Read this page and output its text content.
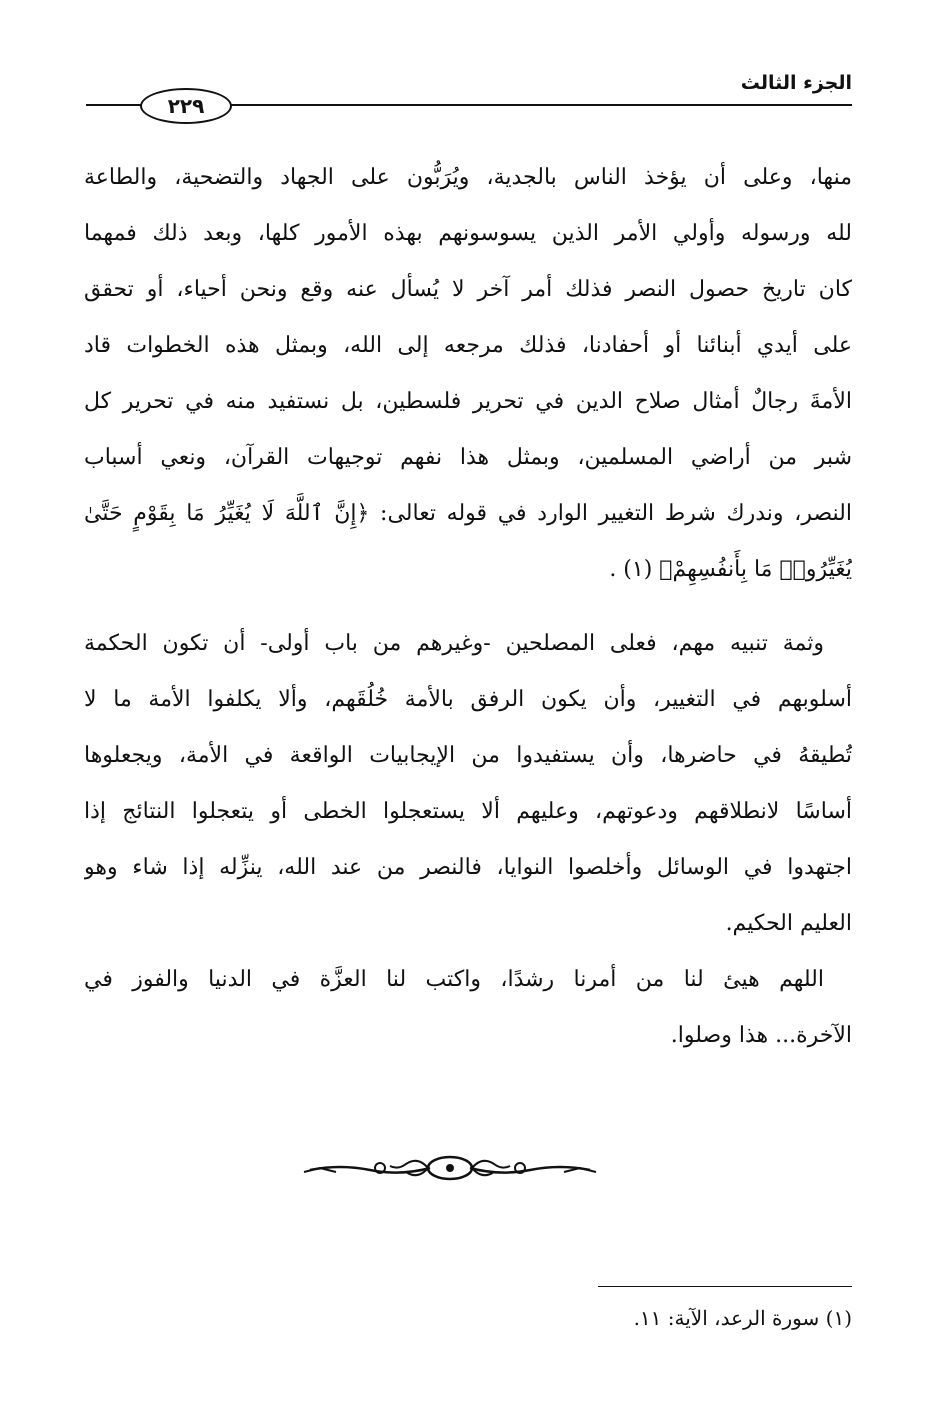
الجزء الثالث
٢٢٩
منها، وعلى أن يؤخذ الناس بالجدية، ويُرَبُّون على الجهاد والتضحية، والطاعة
لله ورسوله وأولي الأمر الذين يسوسونهم بهذه الأمور كلها، وبعد ذلك فمهما
كان تاريخ حصول النصر فذلك أمر آخر لا يُسأل عنه وقع ونحن أحياء، أو تحقق
على أيدي أبنائنا أو أحفادنا، فذلك مرجعه إلى الله، وبمثل هذه الخطوات قاد
الأمةَ رجالٌ أمثال صلاح الدين في تحرير فلسطين، بل نستفيد منه في تحرير كل
شبر من أراضي المسلمين، وبمثل هذا نفهم توجيهات القرآن، ونعي أسباب
النصر، وندرك شرط التغيير الوارد في قوله تعالى: ﴿إِنَّ ٱللَّهَ لَا يُغَيِّرُ مَا بِقَوْمٍ حَتَّىٰ
يُغَيِّرُوا۟ مَا بِأَنفُسِهِمْ﴾ (١) .
وثمة تنبيه مهم، فعلى المصلحين -وغيرهم من باب أولى- أن تكون الحكمة
أسلوبهم في التغيير، وأن يكون الرفق بالأمة خُلُقَهم، وألا يكلفوا الأمة ما لا
تُطيقهُ في حاضرها، وأن يستفيدوا من الإيجابيات الواقعة في الأمة، ويجعلوها
أساسًا لانطلاقهم ودعوتهم، وعليهم ألا يستعجلوا الخطى أو يتعجلوا النتائج إذا
اجتهدوا في الوسائل وأخلصوا النوايا، فالنصر من عند الله، ينزِّله إذا شاء وهو
العليم الحكيم.
اللهم هيئ لنا من أمرنا رشدًا، واكتب لنا العزَّة في الدنيا والفوز في
الآخرة... هذا وصلوا.
(١) سورة الرعد، الآية: ١١.
